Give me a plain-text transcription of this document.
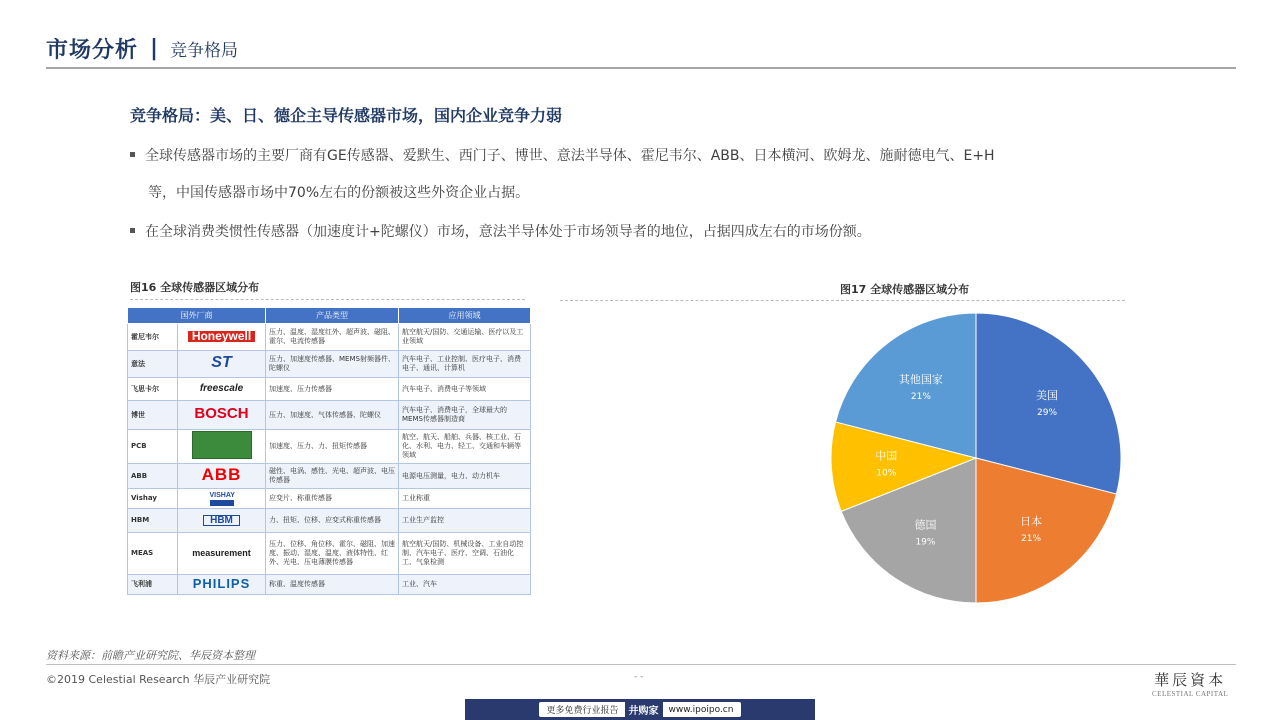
市场分析 | 竞争格局
竞争格局：美、日、德企主导传感器市场，国内企业竞争力弱
全球传感器市场的主要厂商有GE传感器、爱默生、西门子、博世、意法半导体、霍尼韦尔、ABB、日本横河、欧姆龙、施耐德电气、E+H
等，中国传感器市场中70%左右的份额被这些外资企业占据。
在全球消费类惯性传感器（加速度计+陀螺仪）市场，意法半导体处于市场领导者的地位，占据四成左右的市场份额。
图16 全球传感器区域分布
国外厂商		产品类型	应用领域
霍尼韦尔	Honeywell	压力、温度、湿度红外、超声波、磁阻、霍尔、电流传感器	航空航天/国防、交通运输、医疗以及工业领域
意法	ST	压力、加速度传感器、MEMS射频器件、陀螺仪	汽车电子、工业控制、医疗电子、消费电子、通讯、计算机
飞思卡尔	freescale	加速度、压力传感器	汽车电子、消费电子等领域
博世	BOSCH	压力、加速度、气体传感器、陀螺仪	汽车电子、消费电子，全球最大的MEMS传感器制造商
PCB		加速度、压力、力、扭矩传感器	航空、航天、船舶、兵器、核工业、石化、水利、电力、轻工、交通和车辆等领域
ABB	ABB	磁性、电涡、感性、光电、超声波、电压传感器	电源电压测量，电力、动力机车
Vishay	VISHAY	应变片、称重传感器	工业称重
HBM	HBM	力、扭矩、位移、应变式称重传感器	工业生产监控
MEAS	measurement	压力、位移、角位移、霍尔、磁阻、加速度、振动、湿度、温度、液体特性、红外、光电、压电薄膜传感器	航空航天/国防、机械设备、工业自动控制、汽车电子、医疗、空调、石油化工、气象检测
飞利浦	PHILIPS	称重、温度传感器	工业、汽车
图17 全球传感器区域分布
美国
29%
日本
21%
德国
19%
中国
10%
其他国家
21%
资料来源：前瞻产业研究院、华辰资本整理
©2019 Celestial Research 华辰产业研究院	- -	華辰資本
CELESTIAL CAPITAL
更多免费行业报告	井购家	www.ipoipo.cn
